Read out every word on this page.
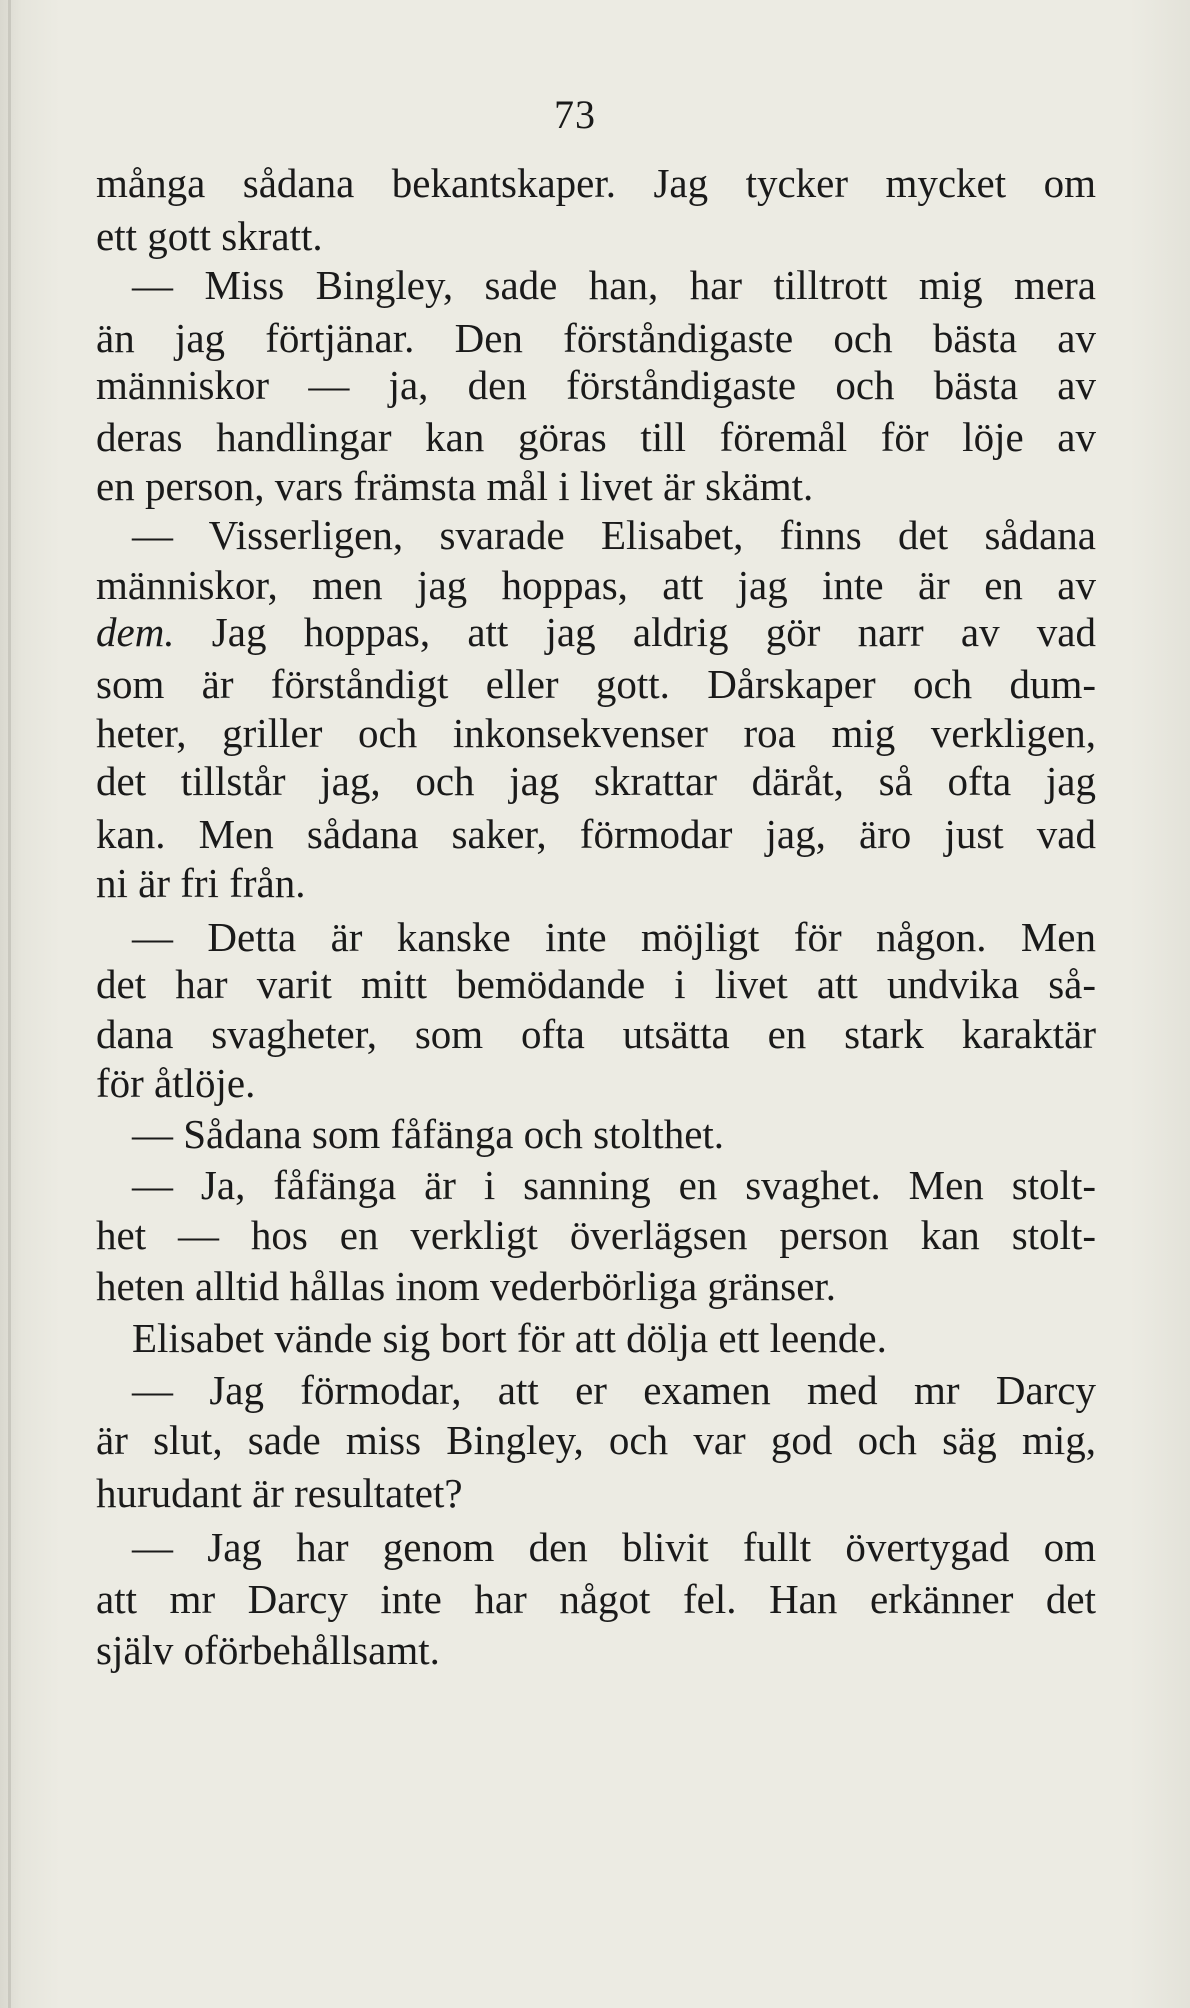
73
många sådana bekantskaper. Jag tycker mycket om
ett gott skratt.
— Miss Bingley, sade han, har tilltrott mig mera
än jag förtjänar. Den förståndigaste och bästa av
människor — ja, den förståndigaste och bästa av
deras handlingar kan göras till föremål för löje av
en person, vars främsta mål i livet är skämt.
— Visserligen, svarade Elisabet, finns det sådana
människor, men jag hoppas, att jag inte är en av
dem. Jag hoppas, att jag aldrig gör narr av vad
som är förståndigt eller gott. Dårskaper och dum-
heter, griller och inkonsekvenser roa mig verkligen,
det tillstår jag, och jag skrattar däråt, så ofta jag
kan. Men sådana saker, förmodar jag, äro just vad
ni är fri från.
— Detta är kanske inte möjligt för någon. Men
det har varit mitt bemödande i livet att undvika så-
dana svagheter, som ofta utsätta en stark karaktär
för åtlöje.
— Sådana som fåfänga och stolthet.
— Ja, fåfänga är i sanning en svaghet. Men stolt-
het — hos en verkligt överlägsen person kan stolt-
heten alltid hållas inom vederbörliga gränser.
Elisabet vände sig bort för att dölja ett leende.
— Jag förmodar, att er examen med mr Darcy
är slut, sade miss Bingley, och var god och säg mig,
hurudant är resultatet?
— Jag har genom den blivit fullt övertygad om
att mr Darcy inte har något fel. Han erkänner det
själv oförbehållsamt.
